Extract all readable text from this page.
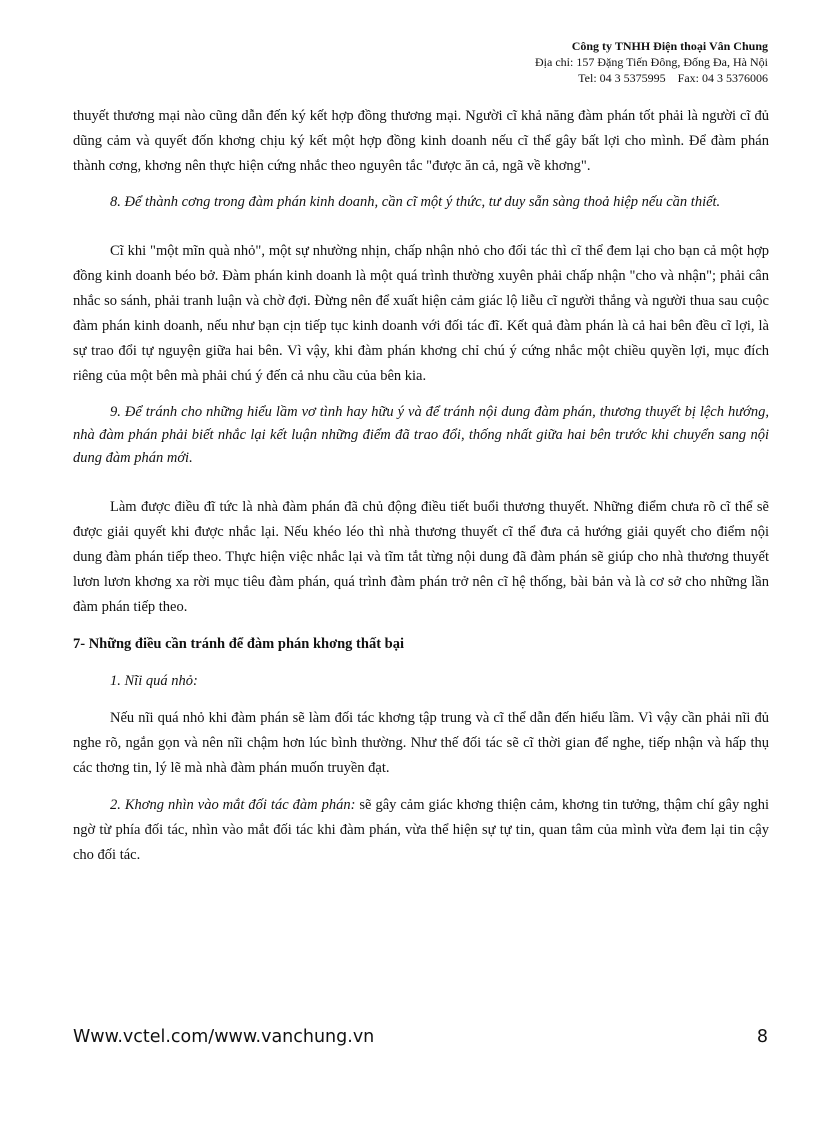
Công ty TNHH Điện thoại Vân Chung
Địa chỉ: 157 Đặng Tiến Đông, Đống Đa, Hà Nội
Tel: 04 3 5375995    Fax: 04 3 5376006

thuyết thương mại nào cũng dẫn đến ký kết hợp đồng thương mại. Người cĩ khả năng đàm phán tốt phải là người cĩ đủ dũng cảm và quyết đốn khơng chịu ký kết một hợp đồng kinh doanh nếu cĩ thể gây bất lợi cho mình. Để đàm phán thành cơng, khơng nên thực hiện cứng nhắc theo nguyên tắc "được ăn cả, ngã về khơng".

8. Để thành cơng trong đàm phán kinh doanh, cần cĩ một ý thức, tư duy sẵn sàng thoả hiệp nếu cần thiết.

Cĩ khi "một mĩn quà nhỏ", một sự nhường nhịn, chấp nhận nhỏ cho đối tác thì cĩ thể đem lại cho bạn cả một hợp đồng kinh doanh béo bở. Đàm phán kinh doanh là một quá trình thường xuyên phải chấp nhận "cho và nhận"; phải cân nhắc so sánh, phải tranh luận và chờ đợi. Đừng nên để xuất hiện cảm giác lộ liễu cĩ người thắng và người thua sau cuộc đàm phán kinh doanh, nếu như bạn cịn tiếp tục kinh doanh với đối tác đĩ. Kết quả đàm phán là cả hai bên đều cĩ lợi, là sự trao đổi tự nguyện giữa hai bên. Vì vậy, khi đàm phán khơng chỉ chú ý cứng nhắc một chiều quyền lợi, mục đích riêng của một bên mà phải chú ý đến cả nhu cầu của bên kia.

9. Để tránh cho những hiểu lầm vơ tình hay hữu ý và để tránh nội dung đàm phán, thương thuyết bị lệch hướng, nhà đàm phán phải biết nhắc lại kết luận những điểm đã trao đổi, thống nhất giữa hai bên trước khi chuyển sang nội dung đàm phán mới.

Làm được điều đĩ tức là nhà đàm phán đã chủ động điều tiết buổi thương thuyết. Những điểm chưa rõ cĩ thể sẽ được giải quyết khi được nhắc lại. Nếu khéo léo thì nhà thương thuyết cĩ thể đưa cả hướng giải quyết cho điểm nội dung đàm phán tiếp theo. Thực hiện việc nhắc lại và tĩm tắt từng nội dung đã đàm phán sẽ giúp cho nhà thương thuyết lươn lươn khơng xa rời mục tiêu đàm phán, quá trình đàm phán trở nên cĩ hệ thống, bài bản và là cơ sở cho những lần đàm phán tiếp theo.

7- Những điều cần tránh để đàm phán khơng thất bại

1. Nĩi quá nhỏ:

Nếu nĩi quá nhỏ khi đàm phán sẽ làm đối tác khơng tập trung và cĩ thể dẫn đến hiểu lầm. Vì vậy cần phải nĩi đủ nghe rõ, ngắn gọn và nên nĩi chậm hơn lúc bình thường. Như thế đối tác sẽ cĩ thời gian để nghe, tiếp nhận và hấp thụ các thơng tin, lý lẽ mà nhà đàm phán muốn truyền đạt.

2. Khơng nhìn vào mắt đối tác đàm phán: sẽ gây cảm giác khơng thiện cảm, khơng tin tưởng, thậm chí gây nghi ngờ từ phía đối tác, nhìn vào mắt đối tác khi đàm phán, vừa thể hiện sự tự tin, quan tâm của mình vừa đem lại tin cậy cho đối tác.

Www.vctel.com/www.vanchung.vn	8
